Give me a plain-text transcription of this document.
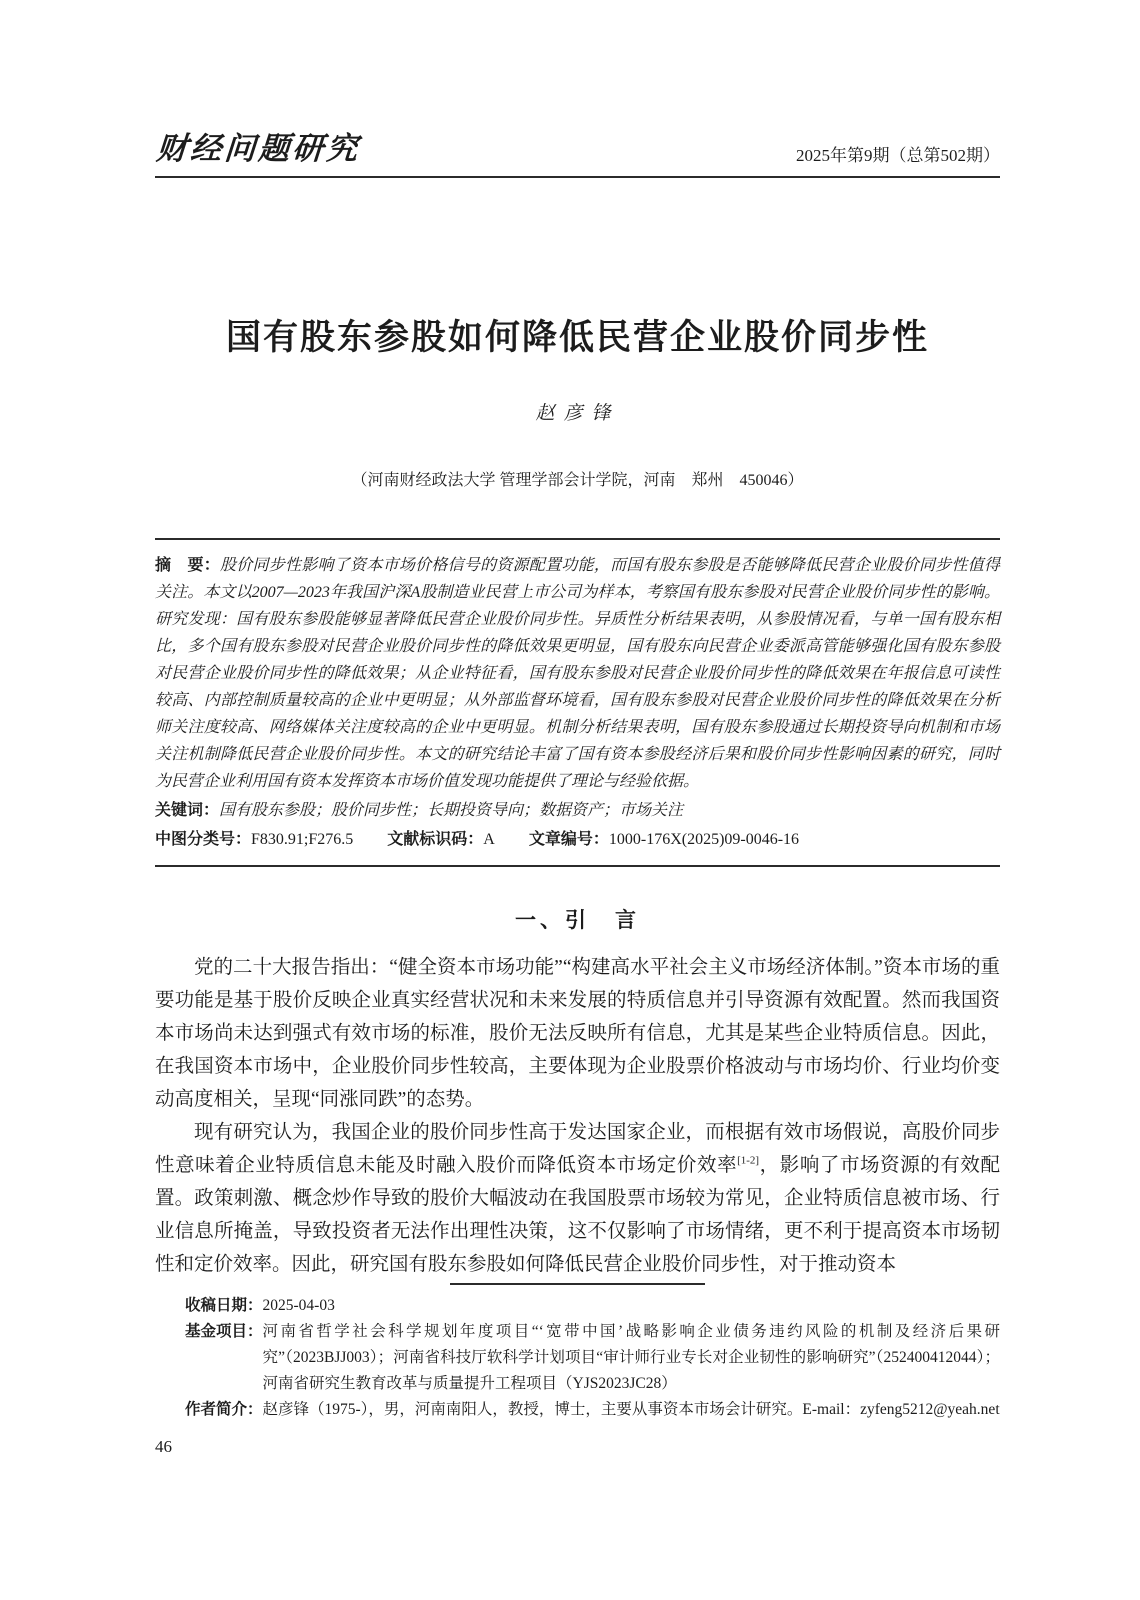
财经问题研究	2025年第9期（总第502期）
国有股东参股如何降低民营企业股价同步性
赵彦锋
（河南财经政法大学 管理学部会计学院，河南　郑州　450046）

摘　要：股价同步性影响了资本市场价格信号的资源配置功能，而国有股东参股是否能够降低民营企业股价同步性值得关注。本文以2007—2023年我国沪深A股制造业民营上市公司为样本，考察国有股东参股对民营企业股价同步性的影响。研究发现：国有股东参股能够显著降低民营企业股价同步性。异质性分析结果表明，从参股情况看，与单一国有股东相比，多个国有股东参股对民营企业股价同步性的降低效果更明显，国有股东向民营企业委派高管能够强化国有股东参股对民营企业股价同步性的降低效果；从企业特征看，国有股东参股对民营企业股价同步性的降低效果在年报信息可读性较高、内部控制质量较高的企业中更明显；从外部监督环境看，国有股东参股对民营企业股价同步性的降低效果在分析师关注度较高、网络媒体关注度较高的企业中更明显。机制分析结果表明，国有股东参股通过长期投资导向机制和市场关注机制降低民营企业股价同步性。本文的研究结论丰富了国有资本参股经济后果和股价同步性影响因素的研究，同时为民营企业利用国有资本发挥资本市场价值发现功能提供了理论与经验依据。

关键词：国有股东参股；股价同步性；长期投资导向；数据资产；市场关注

中图分类号：F830.91;F276.5 文献标识码：A 文章编号：1000-176X(2025)09-0046-16

一、引　言

党的二十大报告指出：“健全资本市场功能”“构建高水平社会主义市场经济体制。”资本市场的重要功能是基于股价反映企业真实经营状况和未来发展的特质信息并引导资源有效配置。然而我国资本市场尚未达到强式有效市场的标准，股价无法反映所有信息，尤其是某些企业特质信息。因此，在我国资本市场中，企业股价同步性较高，主要体现为企业股票价格波动与市场均价、行业均价变动高度相关，呈现“同涨同跌”的态势。

现有研究认为，我国企业的股价同步性高于发达国家企业，而根据有效市场假说，高股价同步性意味着企业特质信息未能及时融入股价而降低资本市场定价效率[1-2]，影响了市场资源的有效配置。政策刺激、概念炒作导致的股价大幅波动在我国股票市场较为常见，企业特质信息被市场、行业信息所掩盖，导致投资者无法作出理性决策，这不仅影响了市场情绪，更不利于提高资本市场韧性和定价效率。因此，研究国有股东参股如何降低民营企业股价同步性，对于推动资本

收稿日期： 2025-04-03
基金项目： 河南省哲学社会科学规划年度项目“‘宽带中国’战略影响企业债务违约风险的机制及经济后果研究”（2023BJJ003）；河南省科技厅软科学计划项目“审计师行业专长对企业韧性的影响研究”（252400412044）；河南省研究生教育改革与质量提升工程项目（YJS2023JC28）
作者简介： 赵彦锋（1975-），男，河南南阳人，教授，博士，主要从事资本市场会计研究。E-mail：zyfeng5212@yeah.net
46
